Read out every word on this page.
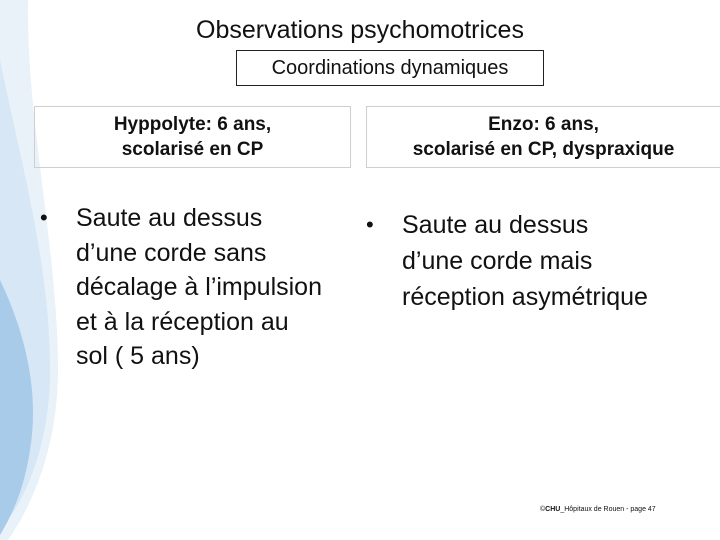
Observations psychomotrices
Coordinations dynamiques
Hyppolyte: 6 ans,
scolarisé en CP
Enzo: 6 ans,
scolarisé en CP, dyspraxique
•	Saute au dessus
d’une corde sans
décalage à l’impulsion
et à la réception au
sol ( 5 ans)
•	Saute au dessus
d’une corde mais
réception asymétrique
©CHU_Hôpitaux de Rouen - page 47
